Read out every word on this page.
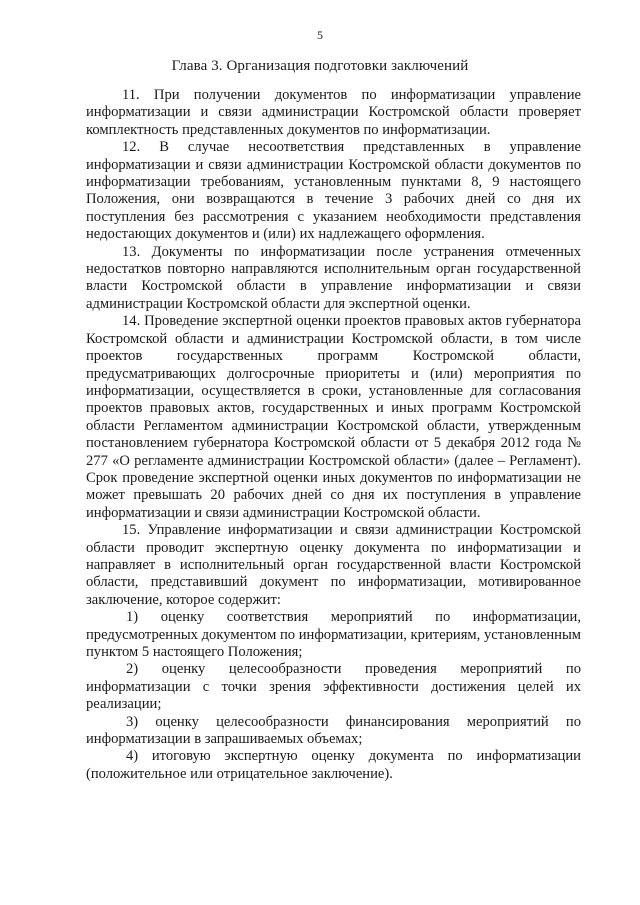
5
Глава 3. Организация подготовки заключений

11. При получении документов по информатизации управление информатизации и связи администрации Костромской области проверяет комплектность представленных документов по информатизации.

12. В случае несоответствия представленных в управление информатизации и связи администрации Костромской области документов по информатизации требованиям, установленным пунктами 8, 9 настоящего Положения, они возвращаются в течение 3 рабочих дней со дня их поступления без рассмотрения с указанием необходимости представления недостающих документов и (или) их надлежащего оформления.

13. Документы по информатизации после устранения отмеченных недостатков повторно направляются исполнительным орган государственной власти Костромской области в управление информатизации и связи администрации Костромской области для экспертной оценки.

14. Проведение экспертной оценки проектов правовых актов губернатора Костромской области и администрации Костромской области, в том числе проектов государственных программ Костромской области, предусматривающих долгосрочные приоритеты и (или) мероприятия по информатизации, осуществляется в сроки, установленные для согласования проектов правовых актов, государственных и иных программ Костромской области Регламентом администрации Костромской области, утвержденным постановлением губернатора Костромской области от 5 декабря 2012 года № 277 «О регламенте администрации Костромской области» (далее – Регламент). Срок проведение экспертной оценки иных документов по информатизации не может превышать 20 рабочих дней со дня их поступления в управление информатизации и связи администрации Костромской области.

15. Управление информатизации и связи администрации Костромской области проводит экспертную оценку документа по информатизации и направляет в исполнительный орган государственной власти Костромской области, представивший документ по информатизации, мотивированное заключение, которое содержит:

1) оценку соответствия мероприятий по информатизации, предусмотренных документом по информатизации, критериям, установленным пунктом 5 настоящего Положения;

2) оценку целесообразности проведения мероприятий по информатизации с точки зрения эффективности достижения целей их реализации;

3) оценку целесообразности финансирования мероприятий по информатизации в запрашиваемых объемах;

4) итоговую экспертную оценку документа по информатизации (положительное или отрицательное заключение).
